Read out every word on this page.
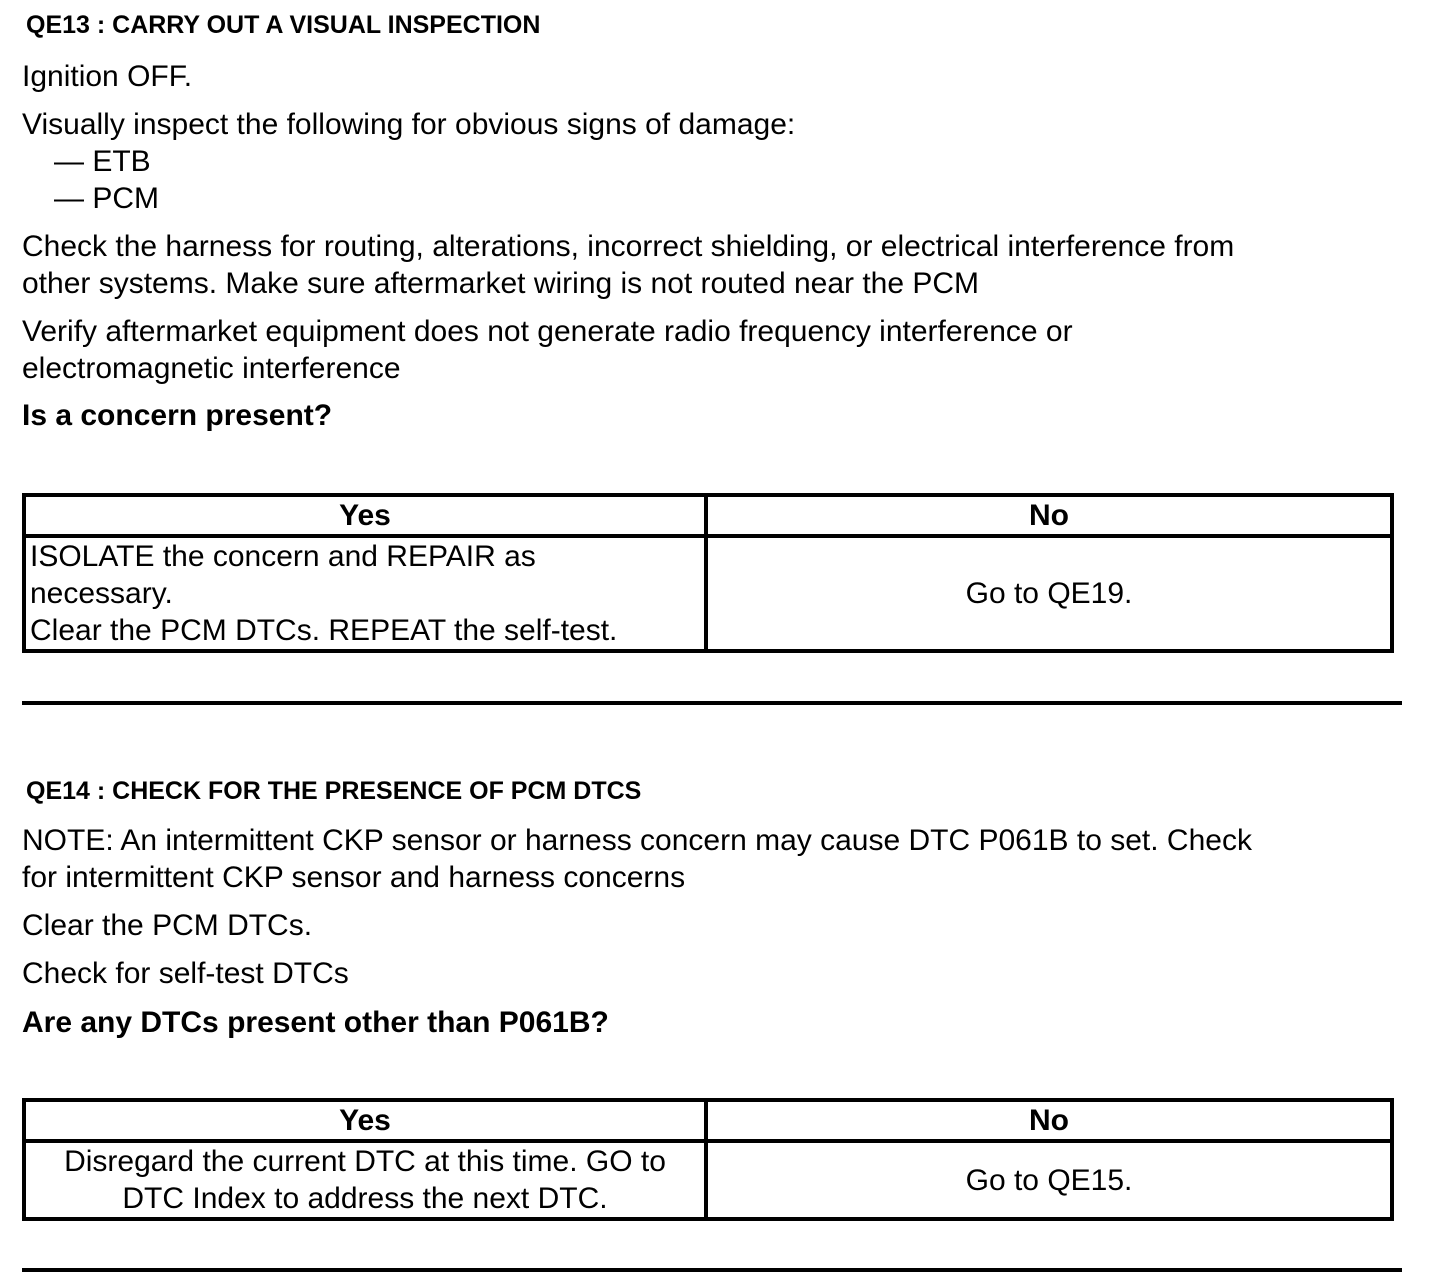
QE13 : CARRY OUT A VISUAL INSPECTION
Ignition OFF.
Visually inspect the following for obvious signs of damage:
— ETB
— PCM
Check the harness for routing, alterations, incorrect shielding, or electrical interference from
other systems. Make sure aftermarket wiring is not routed near the PCM
Verify aftermarket equipment does not generate radio frequency interference or
electromagnetic interference
Is a concern present?
Yes	No

ISOLATE the concern and REPAIR as
necessary.
Clear the PCM DTCs. REPEAT the self-test.	Go to QE19.
QE14 : CHECK FOR THE PRESENCE OF PCM DTCS
NOTE: An intermittent CKP sensor or harness concern may cause DTC P061B to set. Check
for intermittent CKP sensor and harness concerns
Clear the PCM DTCs.
Check for self-test DTCs
Are any DTCs present other than P061B?
Yes	No

Disregard the current DTC at this time. GO to
DTC Index to address the next DTC.	Go to QE15.
